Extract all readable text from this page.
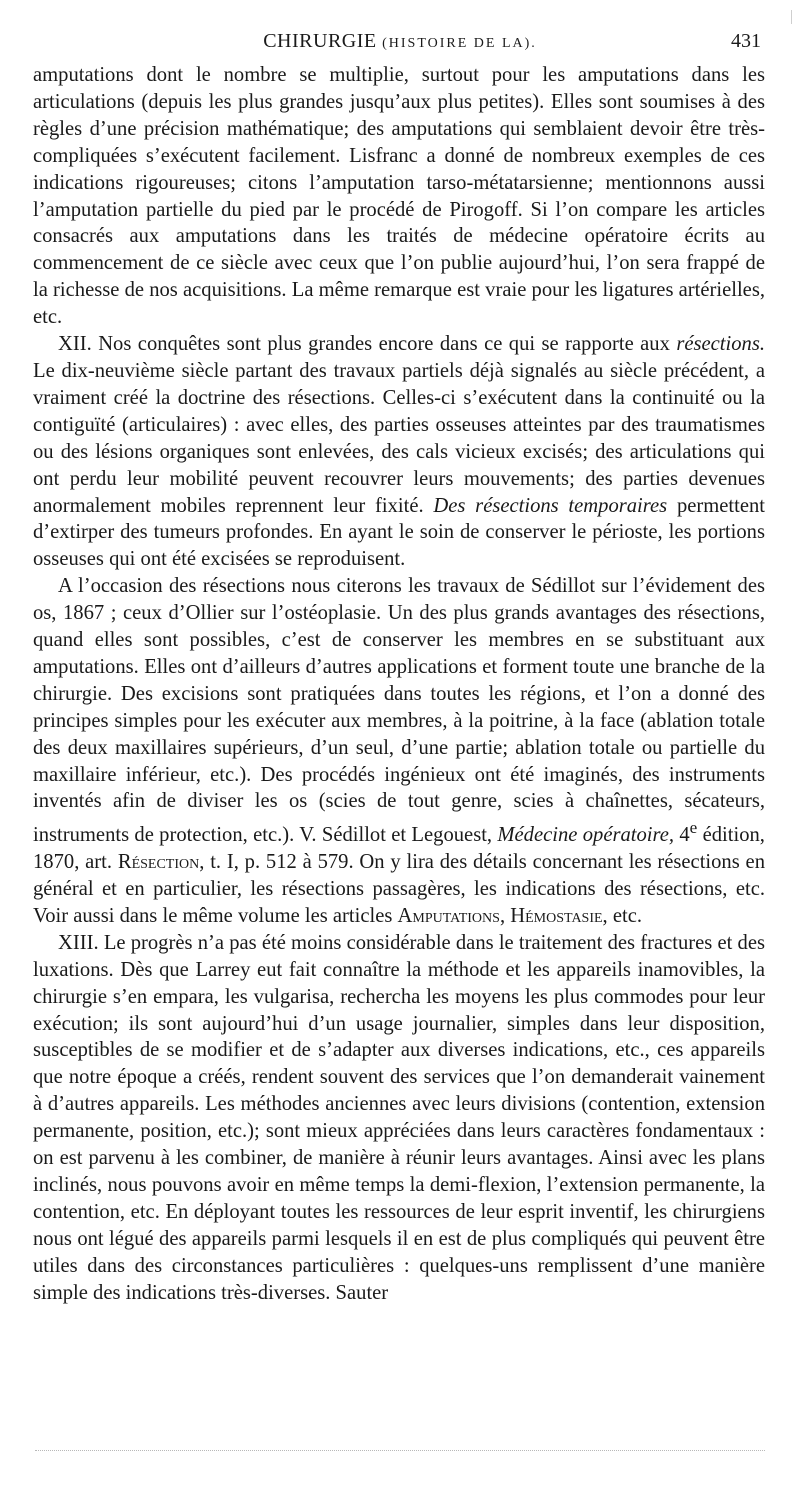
CHIRURGIE (HISTOIRE DE LA).	431

amputations dont le nombre se multiplie, surtout pour les amputations dans les articulations (depuis les plus grandes jusqu’aux plus petites). Elles sont soumises à des règles d’une précision mathématique; des amputations qui semblaient devoir être très-compliquées s’exécutent facilement. Lisfranc a donné de nombreux exemples de ces indications rigoureuses; citons l’amputation tarso-métatarsienne; mentionnons aussi l’amputation partielle du pied par le procédé de Pirogoff. Si l’on compare les articles consacrés aux amputations dans les traités de médecine opératoire écrits au commencement de ce siècle avec ceux que l’on publie aujourd’hui, l’on sera frappé de la richesse de nos acquisitions. La même remarque est vraie pour les ligatures artérielles, etc.

XII. Nos conquêtes sont plus grandes encore dans ce qui se rapporte aux résections. Le dix-neuvième siècle partant des travaux partiels déjà signalés au siècle précédent, a vraiment créé la doctrine des résections. Celles-ci s’exécutent dans la continuité ou la contiguïté (articulaires) : avec elles, des parties osseuses atteintes par des traumatismes ou des lésions organiques sont enlevées, des cals vicieux excisés; des articulations qui ont perdu leur mobilité peuvent recouvrer leurs mouvements; des parties devenues anormalement mobiles reprennent leur fixité. Des résections temporaires permettent d’extirper des tumeurs profondes. En ayant le soin de conserver le périoste, les portions osseuses qui ont été excisées se reproduisent.

A l’occasion des résections nous citerons les travaux de Sédillot sur l’évidement des os, 1867 ; ceux d’Ollier sur l’ostéoplasie. Un des plus grands avantages des résections, quand elles sont possibles, c’est de conserver les membres en se substituant aux amputations. Elles ont d’ailleurs d’autres applications et forment toute une branche de la chirurgie. Des excisions sont pratiquées dans toutes les régions, et l’on a donné des principes simples pour les exécuter aux membres, à la poitrine, à la face (ablation totale des deux maxillaires supérieurs, d’un seul, d’une partie; ablation totale ou partielle du maxillaire inférieur, etc.). Des procédés ingénieux ont été imaginés, des instruments inventés afin de diviser les os (scies de tout genre, scies à chaînettes, sécateurs, instruments de protection, etc.). V. Sédillot et Legouest, Médecine opératoire, 4e édition, 1870, art. Résection, t. I, p. 512 à 579. On y lira des détails concernant les résections en général et en particulier, les résections passagères, les indications des résections, etc. Voir aussi dans le même volume les articles Amputations, Hémostasie, etc.

XIII. Le progrès n’a pas été moins considérable dans le traitement des fractures et des luxations. Dès que Larrey eut fait connaître la méthode et les appareils inamovibles, la chirurgie s’en empara, les vulgarisa, rechercha les moyens les plus commodes pour leur exécution; ils sont aujourd’hui d’un usage journalier, simples dans leur disposition, susceptibles de se modifier et de s’adapter aux diverses indications, etc., ces appareils que notre époque a créés, rendent souvent des services que l’on demanderait vainement à d’autres appareils. Les méthodes anciennes avec leurs divisions (contention, extension permanente, position, etc.); sont mieux appréciées dans leurs caractères fondamentaux : on est parvenu à les combiner, de manière à réunir leurs avantages. Ainsi avec les plans inclinés, nous pouvons avoir en même temps la demi-flexion, l’extension permanente, la contention, etc. En déployant toutes les ressources de leur esprit inventif, les chirurgiens nous ont légué des appareils parmi lesquels il en est de plus compliqués qui peuvent être utiles dans des circonstances particulières : quelques-uns remplissent d’une manière simple des indications très-diverses. Sauter
